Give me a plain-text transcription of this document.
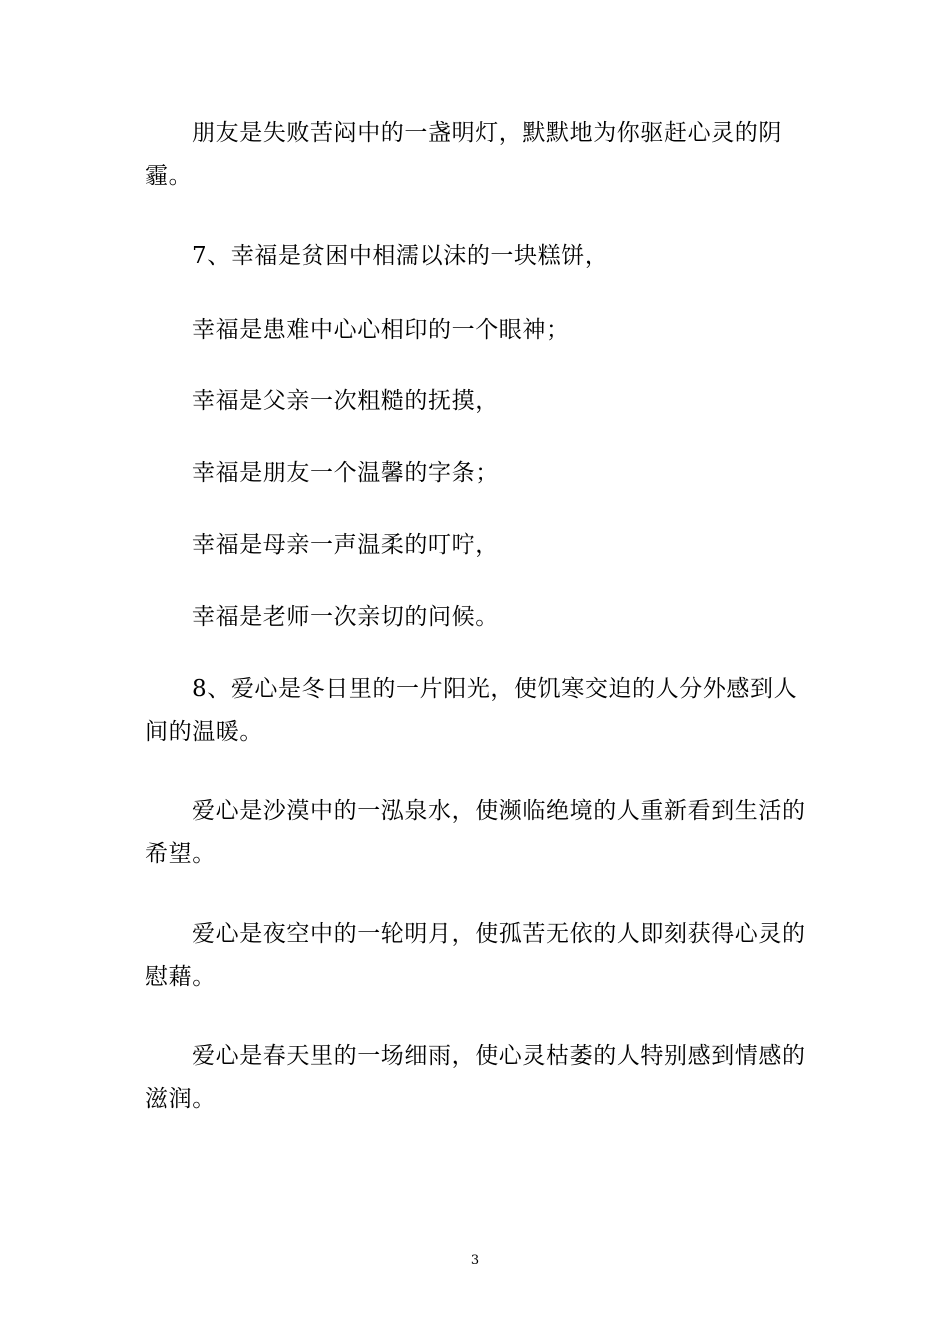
朋友是失败苦闷中的一盏明灯，默默地为你驱赶心灵的阴霾。

7、幸福是贫困中相濡以沫的一块糕饼，

幸福是患难中心心相印的一个眼神；

幸福是父亲一次粗糙的抚摸，

幸福是朋友一个温馨的字条；

幸福是母亲一声温柔的叮咛，

幸福是老师一次亲切的问候。

8、爱心是冬日里的一片阳光，使饥寒交迫的人分外感到人间的温暖。

爱心是沙漠中的一泓泉水，使濒临绝境的人重新看到生活的希望。

爱心是夜空中的一轮明月，使孤苦无依的人即刻获得心灵的慰藉。

爱心是春天里的一场细雨，使心灵枯萎的人特别感到情感的滋润。

3
